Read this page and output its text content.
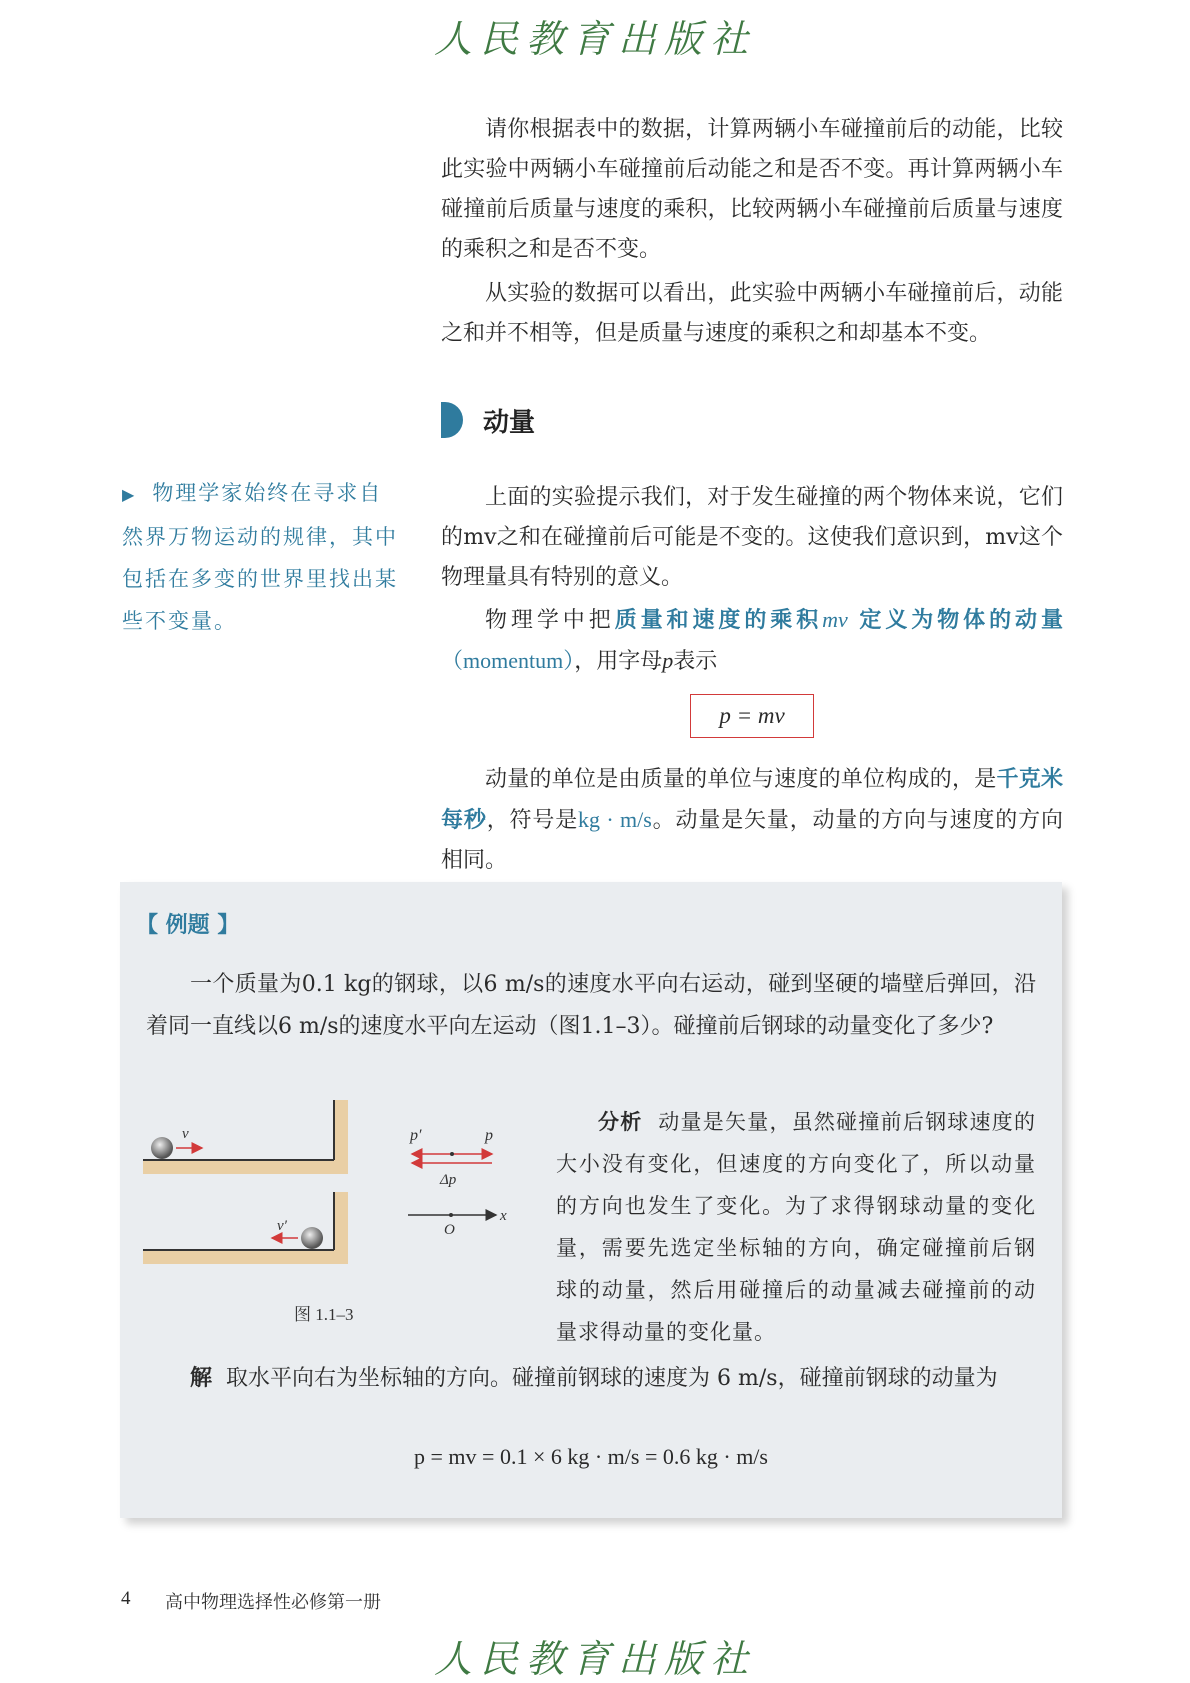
人民教育出版社

请你根据表中的数据，计算两辆小车碰撞前后的动能，比较此实验中两辆小车碰撞前后动能之和是否不变。再计算两辆小车碰撞前后质量与速度的乘积，比较两辆小车碰撞前后质量与速度的乘积之和是否不变。

从实验的数据可以看出，此实验中两辆小车碰撞前后，动能之和并不相等，但是质量与速度的乘积之和却基本不变。

动量
▶ 物理学家始终在寻求自然界万物运动的规律，其中包括在多变的世界里找出某些不变量。

上面的实验提示我们，对于发生碰撞的两个物体来说，它们的mv之和在碰撞前后可能是不变的。这使我们意识到，mv这个物理量具有特别的意义。

物理学中把质量和速度的乘积mv 定义为物体的动量（momentum），用字母p表示

p = mv

动量的单位是由质量的单位与速度的单位构成的，是千克米每秒，符号是kg · m/s。动量是矢量，动量的方向与速度的方向相同。

【 例题 】

一个质量为0.1 kg的钢球，以6 m/s的速度水平向右运动，碰到坚硬的墙壁后弹回，沿着同一直线以6 m/s的速度水平向左运动（图1.1–3）。碰撞前后钢球的动量变化了多少?

v
v′
p′	p
Δp
x
O
图 1.1–3

分析 动量是矢量，虽然碰撞前后钢球速度的大小没有变化，但速度的方向变化了，所以动量的方向也发生了变化。为了求得钢球动量的变化量，需要先选定坐标轴的方向，确定碰撞前后钢球的动量，然后用碰撞后的动量减去碰撞前的动量求得动量的变化量。

解 取水平向右为坐标轴的方向。碰撞前钢球的速度为 6 m/s，碰撞前钢球的动量为

p = mv = 0.1 × 6 kg · m/s = 0.6 kg · m/s
4 高中物理选择性必修第一册
人民教育出版社
